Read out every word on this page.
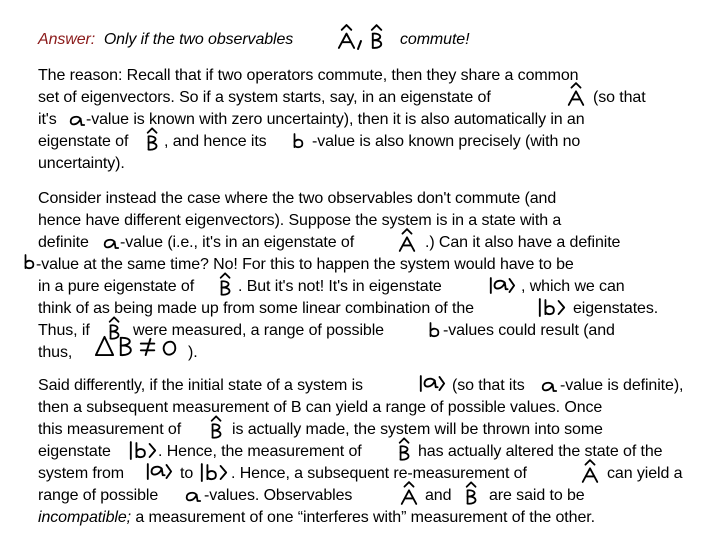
Answer: Only if the two observables	commute!
The reason: Recall that if two operators commute, then they share a common
set of eigenvectors. So if a system starts, say, in an eigenstate of	(so that
it's -value is known with zero uncertainty), then it is also automatically in an
eigenstate of , and hence its	-value is also known precisely (with no
uncertainty).
Consider instead the case where the two observables don't commute (and
hence have different eigenvectors). Suppose the system is in a state with a
definite -value (i.e., it's in an eigenstate of	.) Can it also have a definite
-value at the same time? No! For this to happen the system would have to be
in a pure eigenstate of	. But it's not! It's in eigenstate	, which we can
think of as being made up from some linear combination of the	eigenstates.
Thus, if	were measured, a range of possible	-values could result (and
thus,	).
Said differently, if the initial state of a system is	(so that its -value is definite),
then a subsequent measurement of B can yield a range of possible values. Once
this measurement of	is actually made, the system will be thrown into some
eigenstate	. Hence, the measurement of	has actually altered the state of the
system from	to . Hence, a subsequent re-measurement of	can yield a
range of possible	-values. Observables	and are said to be
incompatible; a measurement of one “interferes with” measurement of the other.
